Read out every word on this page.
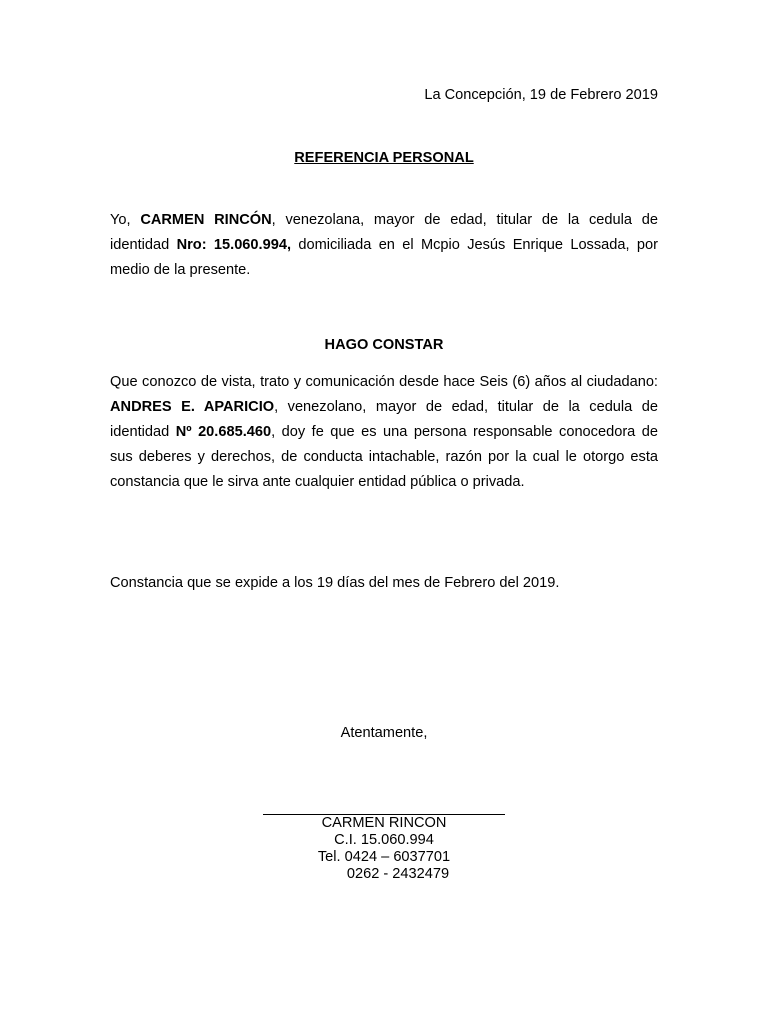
La Concepción, 19 de Febrero 2019
REFERENCIA PERSONAL

Yo, CARMEN RINCÓN, venezolana, mayor de edad, titular de la cedula de identidad Nro: 15.060.994, domiciliada en el Mcpio Jesús Enrique Lossada, por medio de la presente.

HAGO CONSTAR

Que conozco de vista, trato y comunicación desde hace Seis (6) años al ciudadano: ANDRES E. APARICIO, venezolano, mayor de edad, titular de la cedula de identidad Nº 20.685.460, doy fe que es una persona responsable conocedora de sus deberes y derechos, de conducta intachable, razón por la cual le otorgo esta constancia que le sirva ante cualquier entidad pública o privada.

Constancia que se expide a los 19 días del mes de Febrero del 2019.

Atentamente,
CARMEN RINCON
C.I. 15.060.994
Tel. 0424 – 6037701
0262 - 2432479
